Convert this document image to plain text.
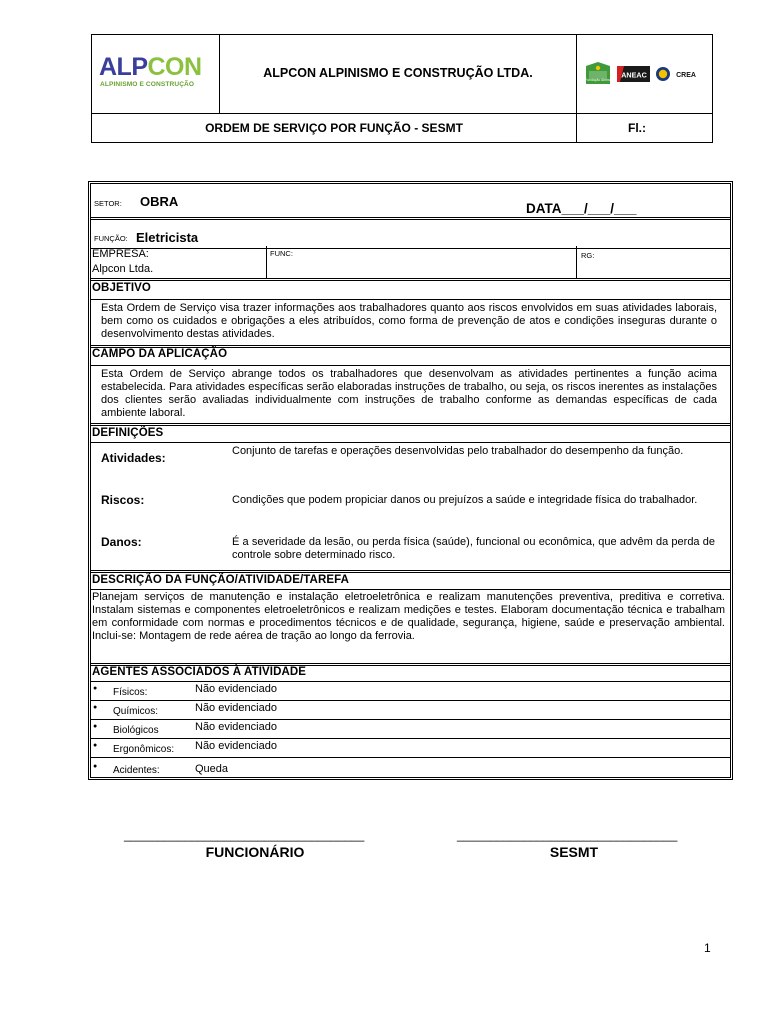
ALPCON
ALPINISMO E CONSTRUÇÃO
ALPCON ALPINISMO E CONSTRUÇÃO LTDA.	Fundação Abrinq
ANEAC	CREA
ORDEM DE SERVIÇO POR FUNÇÃO - SESMT	Fl.:
SETOR: OBRA	DATA___/___/___
FUNÇÃO: Eletricista
EMPRESA:
Alpcon Ltda.
FUNC:	RG:
OBJETIVO
Esta Ordem de Serviço visa trazer informações aos trabalhadores quanto aos riscos envolvidos em suas atividades laborais, bem como os cuidados e obrigações a eles atribuídos, como forma de prevenção de atos e condições inseguras durante o desenvolvimento destas atividades.
CAMPO DA APLICAÇÃO
Esta Ordem de Serviço abrange todos os trabalhadores que desenvolvam as atividades pertinentes a função acima estabelecida. Para atividades específicas serão elaboradas instruções de trabalho, ou seja, os riscos inerentes as instalações dos clientes serão avaliadas individualmente com instruções de trabalho conforme as demandas específicas de cada ambiente laboral.
DEFINIÇÕES
Atividades:	Conjunto de tarefas e operações desenvolvidas pelo trabalhador do desempenho da função.
Riscos:	Condições que podem propiciar danos ou prejuízos a saúde e integridade física do trabalhador.
Danos:	É a severidade da lesão, ou perda física (saúde), funcional ou econômica, que advêm da perda de controle sobre determinado risco.
DESCRIÇÃO DA FUNÇÃO/ATIVIDADE/TAREFA
Planejam serviços de manutenção e instalação eletroeletrônica e realizam manutenções preventiva, preditiva e corretiva. Instalam sistemas e componentes eletroeletrônicos e realizam medições e testes. Elaboram documentação técnica e trabalham em conformidade com normas e procedimentos técnicos e de qualidade, segurança, higiene, saúde e preservação ambiental. Inclui-se: Montagem de rede aérea de tração ao longo da ferrovia.
AGENTES ASSOCIADOS À ATIVIDADE
● Físicos:	Não evidenciado
● Químicos:	Não evidenciado
● Biológicos	Não evidenciado
● Ergonômicos: Não evidenciado
● Acidentes:	Queda
____________________________________
FUNCIONÁRIO
_________________________________
SESMT
1
